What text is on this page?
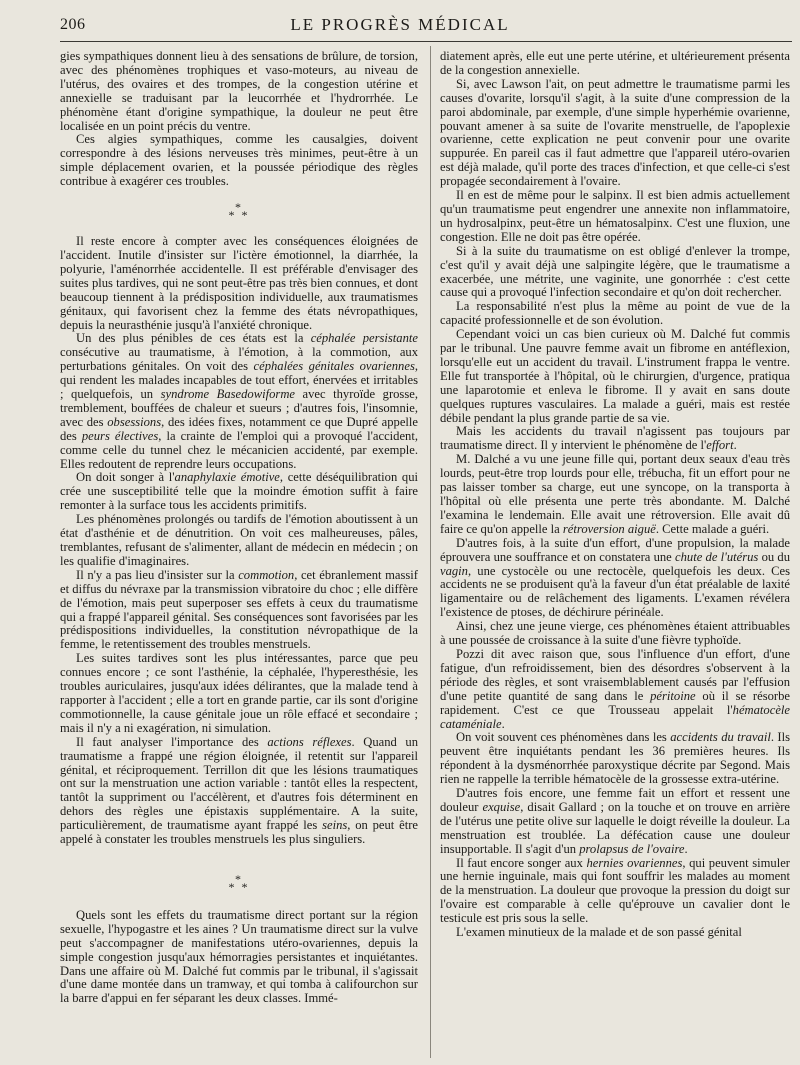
206	LE PROGRÈS MÉDICAL

gies sympathiques donnent lieu à des sensations de brûlure, de torsion, avec des phénomènes trophiques et vaso-moteurs, au niveau de l'utérus, des ovaires et des trompes, de la congestion utérine et annexielle se traduisant par la leucorrhée et l'hydrorrhée. Le phénomène étant d'origine sympathique, la douleur ne peut être localisée en un point précis du ventre.

Ces algies sympathiques, comme les causalgies, doivent correspondre à des lésions nerveuses très minimes, peut-être à un simple déplacement ovarien, et la poussée périodique des règles contribue à exagérer ces troubles.

*
* *

Il reste encore à compter avec les conséquences éloignées de l'accident. Inutile d'insister sur l'ictère émotionnel, la diarrhée, la polyurie, l'aménorrhée accidentelle. Il est préférable d'envisager des suites plus tardives, qui ne sont peut-être pas très bien connues, et dont beaucoup tiennent à la prédisposition individuelle, aux traumatismes génitaux, qui favorisent chez la femme des états névropathiques, depuis la neurasthénie jusqu'à l'anxiété chronique.

Un des plus pénibles de ces états est la céphalée persistante consécutive au traumatisme, à l'émotion, à la commotion, aux perturbations génitales. On voit des céphalées génitales ovariennes, qui rendent les malades incapables de tout effort, énervées et irritables ; quelquefois, un syndrome Basedowiforme avec thyroïde grosse, tremblement, bouffées de chaleur et sueurs ; d'autres fois, l'insomnie, avec des obsessions, des idées fixes, notamment ce que Dupré appelle des peurs électives, la crainte de l'emploi qui a provoqué l'accident, comme celle du tunnel chez le mécanicien accidenté, par exemple. Elles redoutent de reprendre leurs occupations.

On doit songer à l'anaphylaxie émotive, cette déséquilibration qui crée une susceptibilité telle que la moindre émotion suffit à faire remonter à la surface tous les accidents primitifs.

Les phénomènes prolongés ou tardifs de l'émotion aboutissent à un état d'asthénie et de dénutrition. On voit ces malheureuses, pâles, tremblantes, refusant de s'alimenter, allant de médecin en médecin ; on les qualifie d'imaginaires.

Il n'y a pas lieu d'insister sur la commotion, cet ébranlement massif et diffus du névraxe par la transmission vibratoire du choc ; elle diffère de l'émotion, mais peut superposer ses effets à ceux du traumatisme qui a frappé l'appareil génital. Ses conséquences sont favorisées par les prédispositions individuelles, la constitution névropathique de la femme, le retentissement des troubles menstruels.

Les suites tardives sont les plus intéressantes, parce que peu connues encore ; ce sont l'asthénie, la céphalée, l'hyperesthésie, les troubles auriculaires, jusqu'aux idées délirantes, que la malade tend à rapporter à l'accident ; elle a tort en grande partie, car ils sont d'origine commotionnelle, la cause génitale joue un rôle effacé et secondaire ; mais il n'y a ni exagération, ni simulation.

Il faut analyser l'importance des actions réflexes. Quand un traumatisme a frappé une région éloignée, il retentit sur l'appareil génital, et réciproquement. Terrillon dit que les lésions traumatiques ont sur la menstruation une action variable : tantôt elles la respectent, tantôt la suppriment ou l'accélèrent, et d'autres fois déterminent en dehors des règles une épistaxis supplémentaire. A la suite, particulièrement, de traumatisme ayant frappé les seins, on peut être appelé à constater les troubles menstruels les plus singuliers.

*
* *

Quels sont les effets du traumatisme direct portant sur la région sexuelle, l'hypogastre et les aines ? Un traumatisme direct sur la vulve peut s'accompagner de manifestations utéro-ovariennes, depuis la simple congestion jusqu'aux hémorragies persistantes et inquiétantes. Dans une affaire où M. Dalché fut commis par le tribunal, il s'agissait d'une dame montée dans un tramway, et qui tomba à califourchon sur la barre d'appui en fer séparant les deux classes. Immé-

diatement après, elle eut une perte utérine, et ultérieurement présenta de la congestion annexielle.

Si, avec Lawson l'ait, on peut admettre le traumatisme parmi les causes d'ovarite, lorsqu'il s'agit, à la suite d'une compression de la paroi abdominale, par exemple, d'une simple hyperhémie ovarienne, pouvant amener à sa suite de l'ovarite menstruelle, de l'apoplexie ovarienne, cette explication ne peut convenir pour une ovarite suppurée. En pareil cas il faut admettre que l'appareil utéro-ovarien est déjà malade, qu'il porte des traces d'infection, et que celle-ci s'est propagée secondairement à l'ovaire.

Il en est de même pour le salpinx. Il est bien admis actuellement qu'un traumatisme peut engendrer une annexite non inflammatoire, un hydrosalpinx, peut-être un hématosalpinx. C'est une fluxion, une congestion. Elle ne doit pas être opérée.

Si à la suite du traumatisme on est obligé d'enlever la trompe, c'est qu'il y avait déjà une salpingite légère, que le traumatisme a exacerbée, une métrite, une vaginite, une gonorrhée : c'est cette cause qui a provoqué l'infection secondaire et qu'on doit rechercher.

La responsabilité n'est plus la même au point de vue de la capacité professionnelle et de son évolution.

Cependant voici un cas bien curieux où M. Dalché fut commis par le tribunal. Une pauvre femme avait un fibrome en antéflexion, lorsqu'elle eut un accident du travail. L'instrument frappa le ventre. Elle fut transportée à l'hôpital, où le chirurgien, d'urgence, pratiqua une laparotomie et enleva le fibrome. Il y avait en sans doute quelques ruptures vasculaires. La malade a guéri, mais est restée débile pendant la plus grande partie de sa vie.

Mais les accidents du travail n'agissent pas toujours par traumatisme direct. Il y intervient le phénomène de l'effort.

M. Dalché a vu une jeune fille qui, portant deux seaux d'eau très lourds, peut-être trop lourds pour elle, trébucha, fit un effort pour ne pas laisser tomber sa charge, eut une syncope, on la transporta à l'hôpital où elle présenta une perte très abondante. M. Dalché l'examina le lendemain. Elle avait une rétroversion. Elle avait dû faire ce qu'on appelle la rétroversion aiguë. Cette malade a guéri.

D'autres fois, à la suite d'un effort, d'une propulsion, la malade éprouvera une souffrance et on constatera une chute de l'utérus ou du vagin, une cystocèle ou une rectocèle, quelquefois les deux. Ces accidents ne se produisent qu'à la faveur d'un état préalable de laxité ligamentaire ou de relâchement des ligaments. L'examen révélera l'existence de ptoses, de déchirure périnéale.

Ainsi, chez une jeune vierge, ces phénomènes étaient attribuables à une poussée de croissance à la suite d'une fièvre typhoïde.

Pozzi dit avec raison que, sous l'influence d'un effort, d'une fatigue, d'un refroidissement, bien des désordres s'observent à la période des règles, et sont vraisemblablement causés par l'effusion d'une petite quantité de sang dans le péritoine où il se résorbe rapidement. C'est ce que Trousseau appelait l'hématocèle cataméniale.

On voit souvent ces phénomènes dans les accidents du travail. Ils peuvent être inquiétants pendant les 36 premières heures. Ils répondent à la dysménorrhée paroxystique décrite par Segond. Mais rien ne rappelle la terrible hématocèle de la grossesse extra-utérine.

D'autres fois encore, une femme fait un effort et ressent une douleur exquise, disait Gallard ; on la touche et on trouve en arrière de l'utérus une petite olive sur laquelle le doigt réveille la douleur. La menstruation est troublée. La défécation cause une douleur insupportable. Il s'agit d'un prolapsus de l'ovaire.

Il faut encore songer aux hernies ovariennes, qui peuvent simuler une hernie inguinale, mais qui font souffrir les malades au moment de la menstruation. La douleur que provoque la pression du doigt sur l'ovaire est comparable à celle qu'éprouve un cavalier dont le testicule est pris sous la selle.

L'examen minutieux de la malade et de son passé génital
